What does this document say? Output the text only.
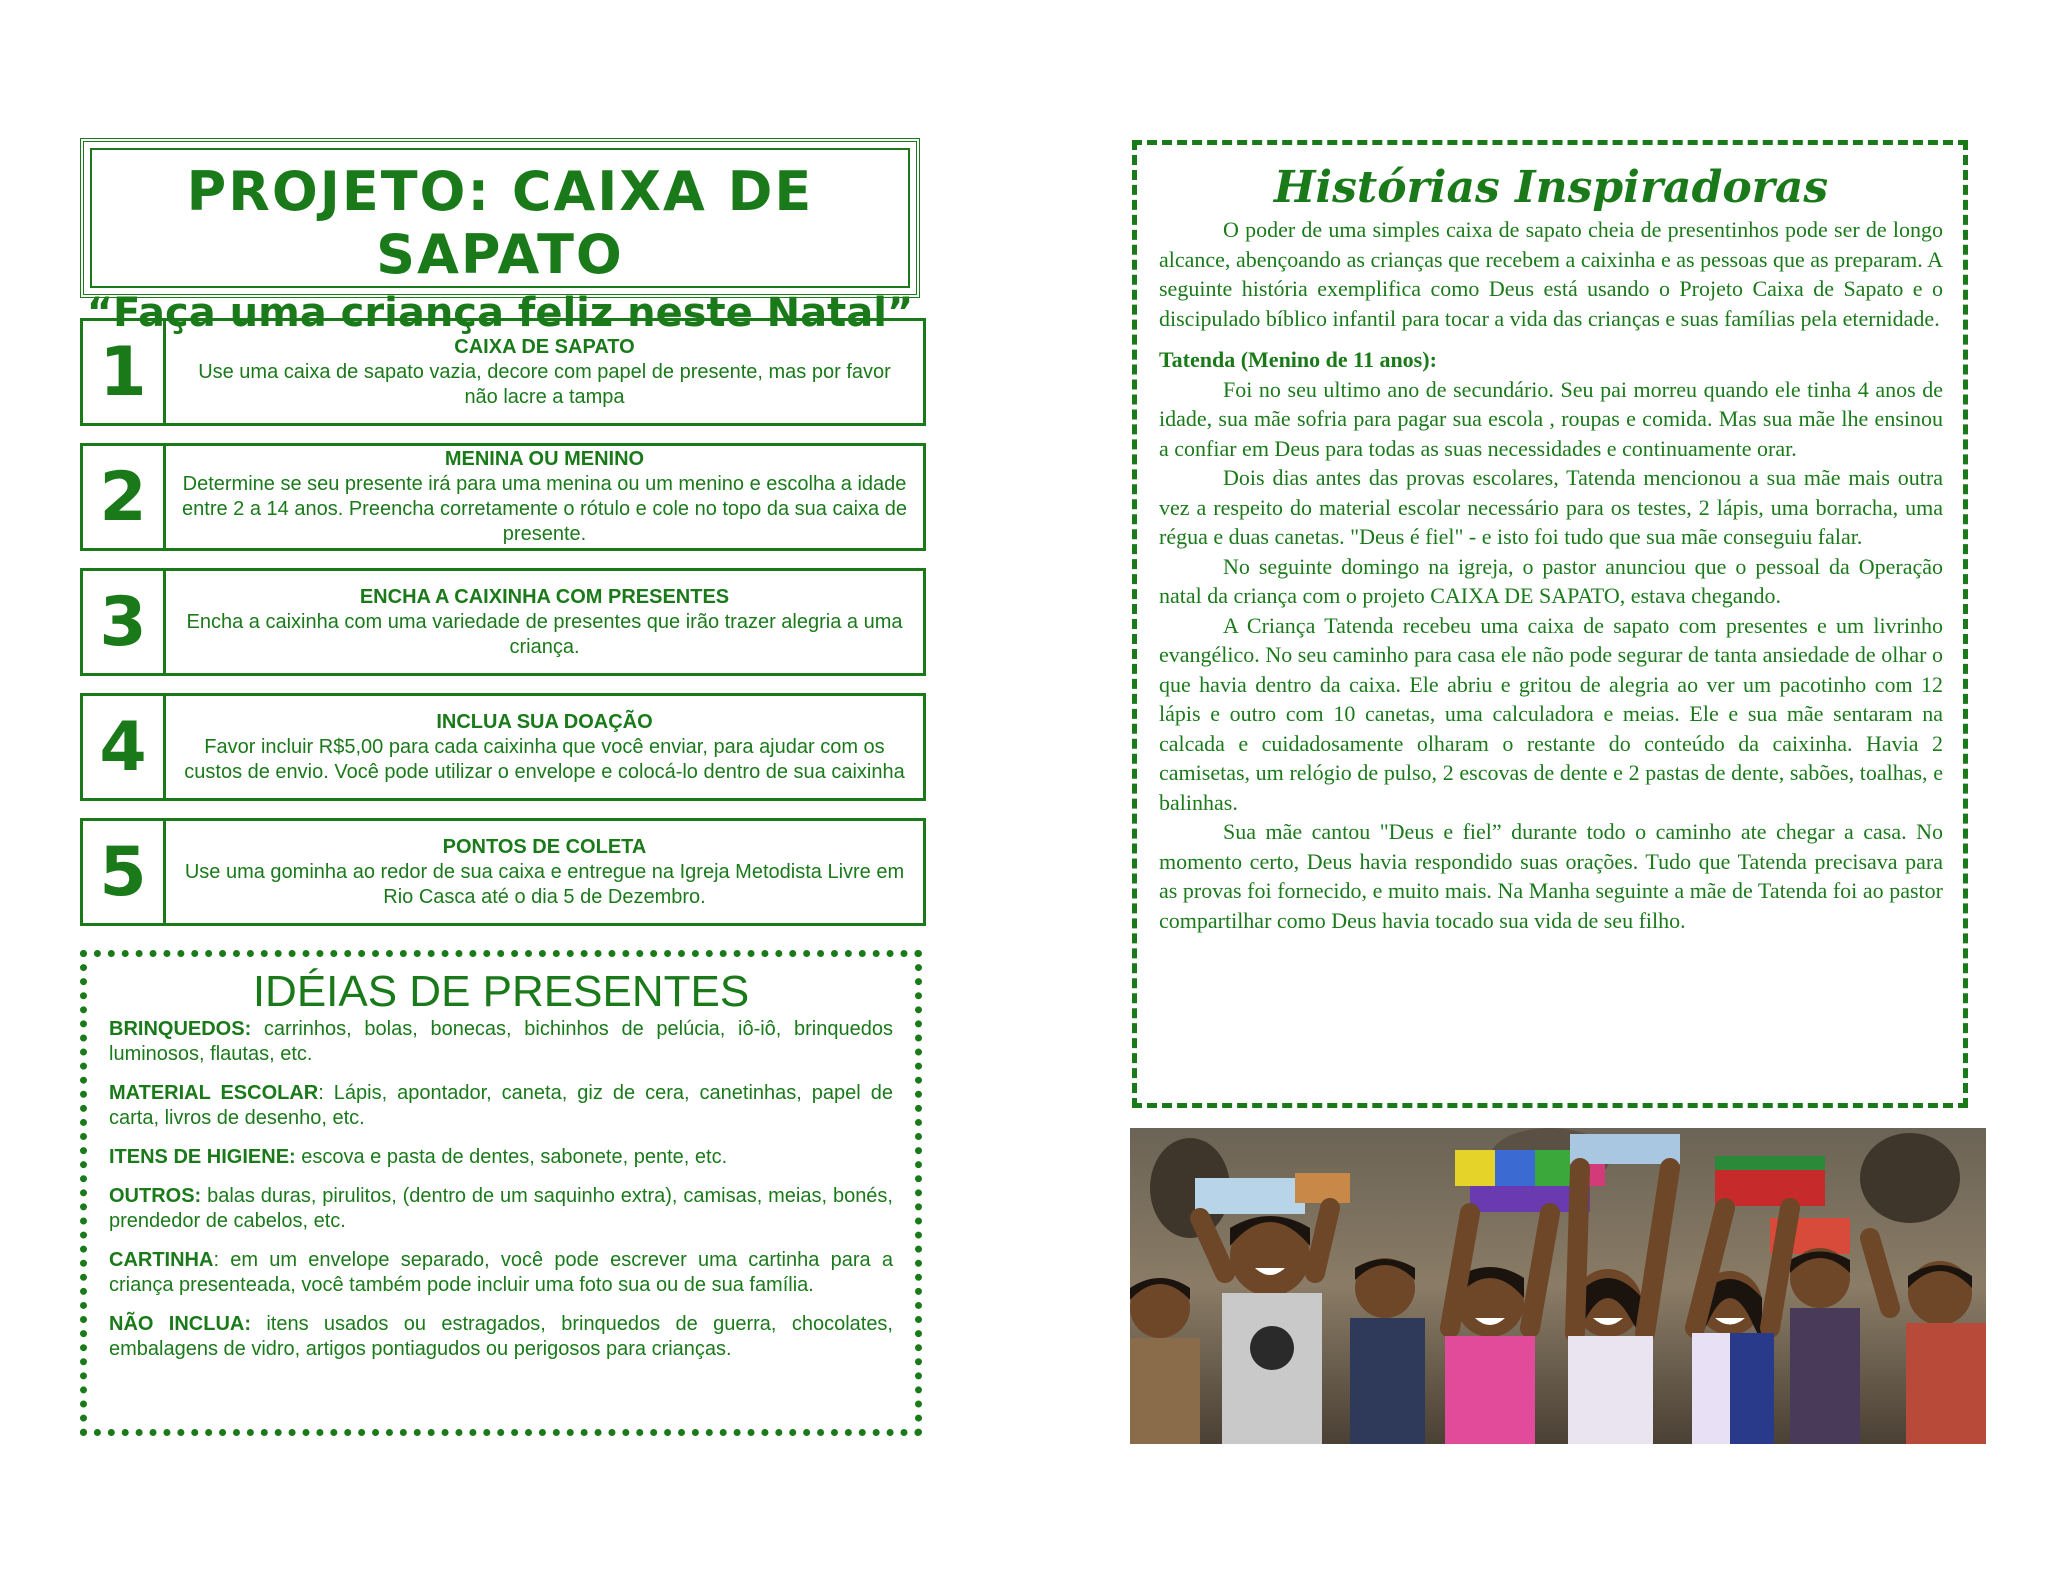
PROJETO: CAIXA DE SAPATO
“Faça uma criança feliz neste Natal”
1	CAIXA DE SAPATO
Use uma caixa de sapato vazia, decore com papel de presente, mas por favor não lacre a tampa
2	MENINA OU MENINO
Determine se seu presente irá para uma menina ou um menino e escolha a idade entre 2 a 14 anos. Preencha corretamente o rótulo e cole no topo da sua caixa de presente.
3	ENCHA A CAIXINHA COM PRESENTES
Encha a caixinha com uma variedade de presentes que irão trazer alegria a uma criança.
4	INCLUA SUA DOAÇÃO
Favor incluir R$5,00 para cada caixinha que você enviar, para ajudar com os custos de envio. Você pode utilizar o envelope e colocá-lo dentro de sua caixinha
5	PONTOS DE COLETA
Use uma gominha ao redor de sua caixa e entregue na Igreja Metodista Livre em Rio Casca até o dia 5 de Dezembro.
IDÉIAS DE PRESENTES

BRINQUEDOS: carrinhos, bolas, bonecas, bichinhos de pelúcia, iô-iô, brinquedos luminosos, flautas, etc.

MATERIAL ESCOLAR: Lápis, apontador, caneta, giz de cera, canetinhas, papel de carta, livros de desenho, etc.

ITENS DE HIGIENE: escova e pasta de dentes, sabonete, pente, etc.

OUTROS: balas duras, pirulitos, (dentro de um saquinho extra), camisas, meias, bonés, prendedor de cabelos, etc.

CARTINHA: em um envelope separado, você pode escrever uma cartinha para a criança presenteada, você também pode incluir uma foto sua ou de sua família.

NÃO INCLUA: itens usados ou estragados, brinquedos de guerra, chocolates, embalagens de vidro, artigos pontiagudos ou perigosos para crianças.

Histórias Inspiradoras

O poder de uma simples caixa de sapato cheia de presentinhos pode ser de longo alcance, abençoando as crianças que recebem a caixinha e as pessoas que as preparam. A seguinte história exemplifica como Deus está usando o Projeto Caixa de Sapato e o discipulado bíblico infantil para tocar a vida das crianças e suas famílias pela eternidade.

Tatenda (Menino de 11 anos):

Foi no seu ultimo ano de secundário. Seu pai morreu quando ele tinha 4 anos de idade, sua mãe sofria para pagar sua escola , roupas e comida. Mas sua mãe lhe ensinou a confiar em Deus para todas as suas necessidades e continuamente orar.

Dois dias antes das provas escolares, Tatenda mencionou a sua mãe mais outra vez a respeito do material escolar necessário para os testes, 2 lápis, uma borracha, uma régua e duas canetas. "Deus é fiel" - e isto foi tudo que sua mãe conseguiu falar.

No seguinte domingo na igreja, o pastor anunciou que o pessoal da Operação natal da criança com o projeto CAIXA DE SAPATO, estava chegando.

A Criança Tatenda recebeu uma caixa de sapato com presentes e um livrinho evangélico. No seu caminho para casa ele não pode segurar de tanta ansiedade de olhar o que havia dentro da caixa. Ele abriu e gritou de alegria ao ver um pacotinho com 12 lápis e outro com 10 canetas, uma calculadora e meias. Ele e sua mãe sentaram na calcada e cuidadosamente olharam o restante do conteúdo da caixinha. Havia 2 camisetas, um relógio de pulso, 2 escovas de dente e 2 pastas de dente, sabões, toalhas, e balinhas.

Sua mãe cantou "Deus e fiel” durante todo o caminho ate chegar a casa. No momento certo, Deus havia respondido suas orações. Tudo que Tatenda precisava para as provas foi fornecido, e muito mais. Na Manha seguinte a mãe de Tatenda foi ao pastor compartilhar como Deus havia tocado sua vida de seu filho.
